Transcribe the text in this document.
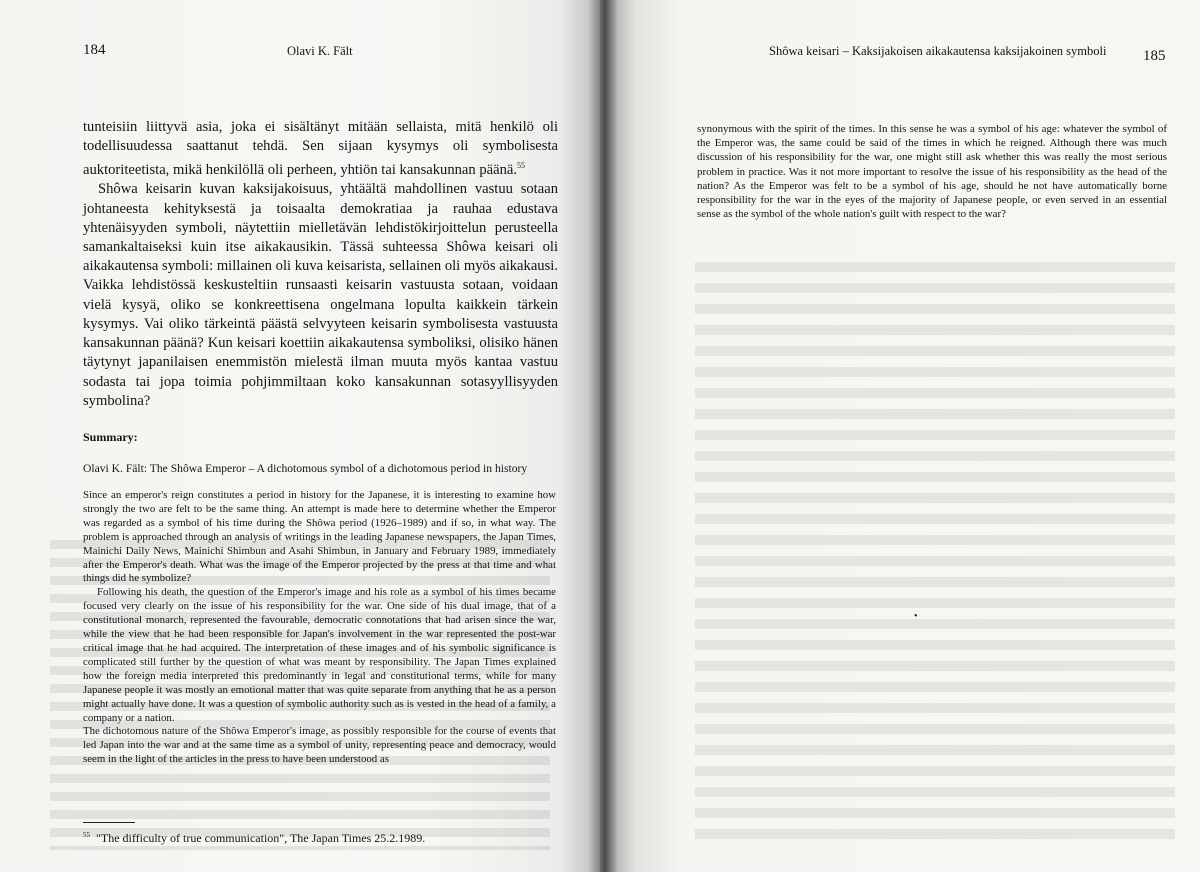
184	Olavi K. Fält

tunteisiin liittyvä asia, joka ei sisältänyt mitään sellaista, mitä henkilö oli todellisuudessa saattanut tehdä. Sen sijaan kysymys oli symbolisesta auktoriteetista, mikä henkilöllä oli perheen, yhtiön tai kansakunnan päänä.$^{55}$

Shôwa keisarin kuvan kaksijakoisuus, yhtäältä mahdollinen vastuu sotaan johtaneesta kehityksestä ja toisaalta demokratiaa ja rauhaa edustava yhtenäisyyden symboli, näytettiin mielletävän lehdistökirjoittelun perusteella samankaltaiseksi kuin itse aikakausikin. Tässä suhteessa Shôwa keisari oli aikakautensa symboli: millainen oli kuva keisarista, sellainen oli myös aikakausi. Vaikka lehdistössä keskusteltiin runsaasti keisarin vastuusta sotaan, voidaan vielä kysyä, oliko se konkreettisena ongelmana lopulta kaikkein tärkein kysymys. Vai oliko tärkeintä päästä selvyyteen keisarin symbolisesta vastuusta kansakunnan päänä? Kun keisari koettiin aikakautensa symboliksi, olisiko hänen täytynyt japanilaisen enemmistön mielestä ilman muuta myös kantaa vastuu sodasta tai jopa toimia pohjimmiltaan koko kansakunnan sotasyyllisyyden symbolina?

Summary:
Olavi K. Fält: The Shôwa Emperor – A dichotomous symbol of a dichotomous period in history

Since an emperor's reign constitutes a period in history for the Japanese, it is interesting to examine how strongly the two are felt to be the same thing. An attempt is made here to determine whether the Emperor was regarded as a symbol of his time during the Shôwa period (1926–1989) and if so, in what way. The problem is approached through an analysis of writings in the leading Japanese newspapers, the Japan Times, Mainichi Daily News, Mainichi Shimbun and Asahi Shimbun, in January and February 1989, immediately after the Emperor's death. What was the image of the Emperor projected by the press at that time and what things did he symbolize?

Following his death, the question of the Emperor's image and his role as a symbol of his times became focused very clearly on the issue of his responsibility for the war. One side of his dual image, that of a constitutional monarch, represented the favourable, democratic connotations that had arisen since the war, while the view that he had been responsible for Japan's involvement in the war represented the post-war critical image that he had acquired. The interpretation of these images and of his symbolic significance is complicated still further by the question of what was meant by responsibility. The Japan Times explained how the foreign media interpreted this predominantly in legal and constitutional terms, while for many Japanese people it was mostly an emotional matter that was quite separate from anything that he as a person might actually have done. It was a question of symbolic authority such as is vested in the head of a family, a company or a nation.

The dichotomous nature of the Shôwa Emperor's image, as possibly responsible for the course of events that led Japan into the war and at the same time as a symbol of unity, representing peace and democracy, would seem in the light of the articles in the press to have been understood as

$^{55}$ "The difficulty of true communication", The Japan Times 25.2.1989.
Shôwa keisari – Kaksijakoisen aikakautensa kaksijakoinen symboli 185

synonymous with the spirit of the times. In this sense he was a symbol of his age: whatever the symbol of the Emperor was, the same could be said of the times in which he reigned. Although there was much discussion of his responsibility for the war, one might still ask whether this was really the most serious problem in practice. Was it not more important to resolve the issue of his responsibility as the head of the nation? As the Emperor was felt to be a symbol of his age, should he not have automatically borne responsibility for the war in the eyes of the majority of Japanese people, or even served in an essential sense as the symbol of the whole nation's guilt with respect to the war?

•
